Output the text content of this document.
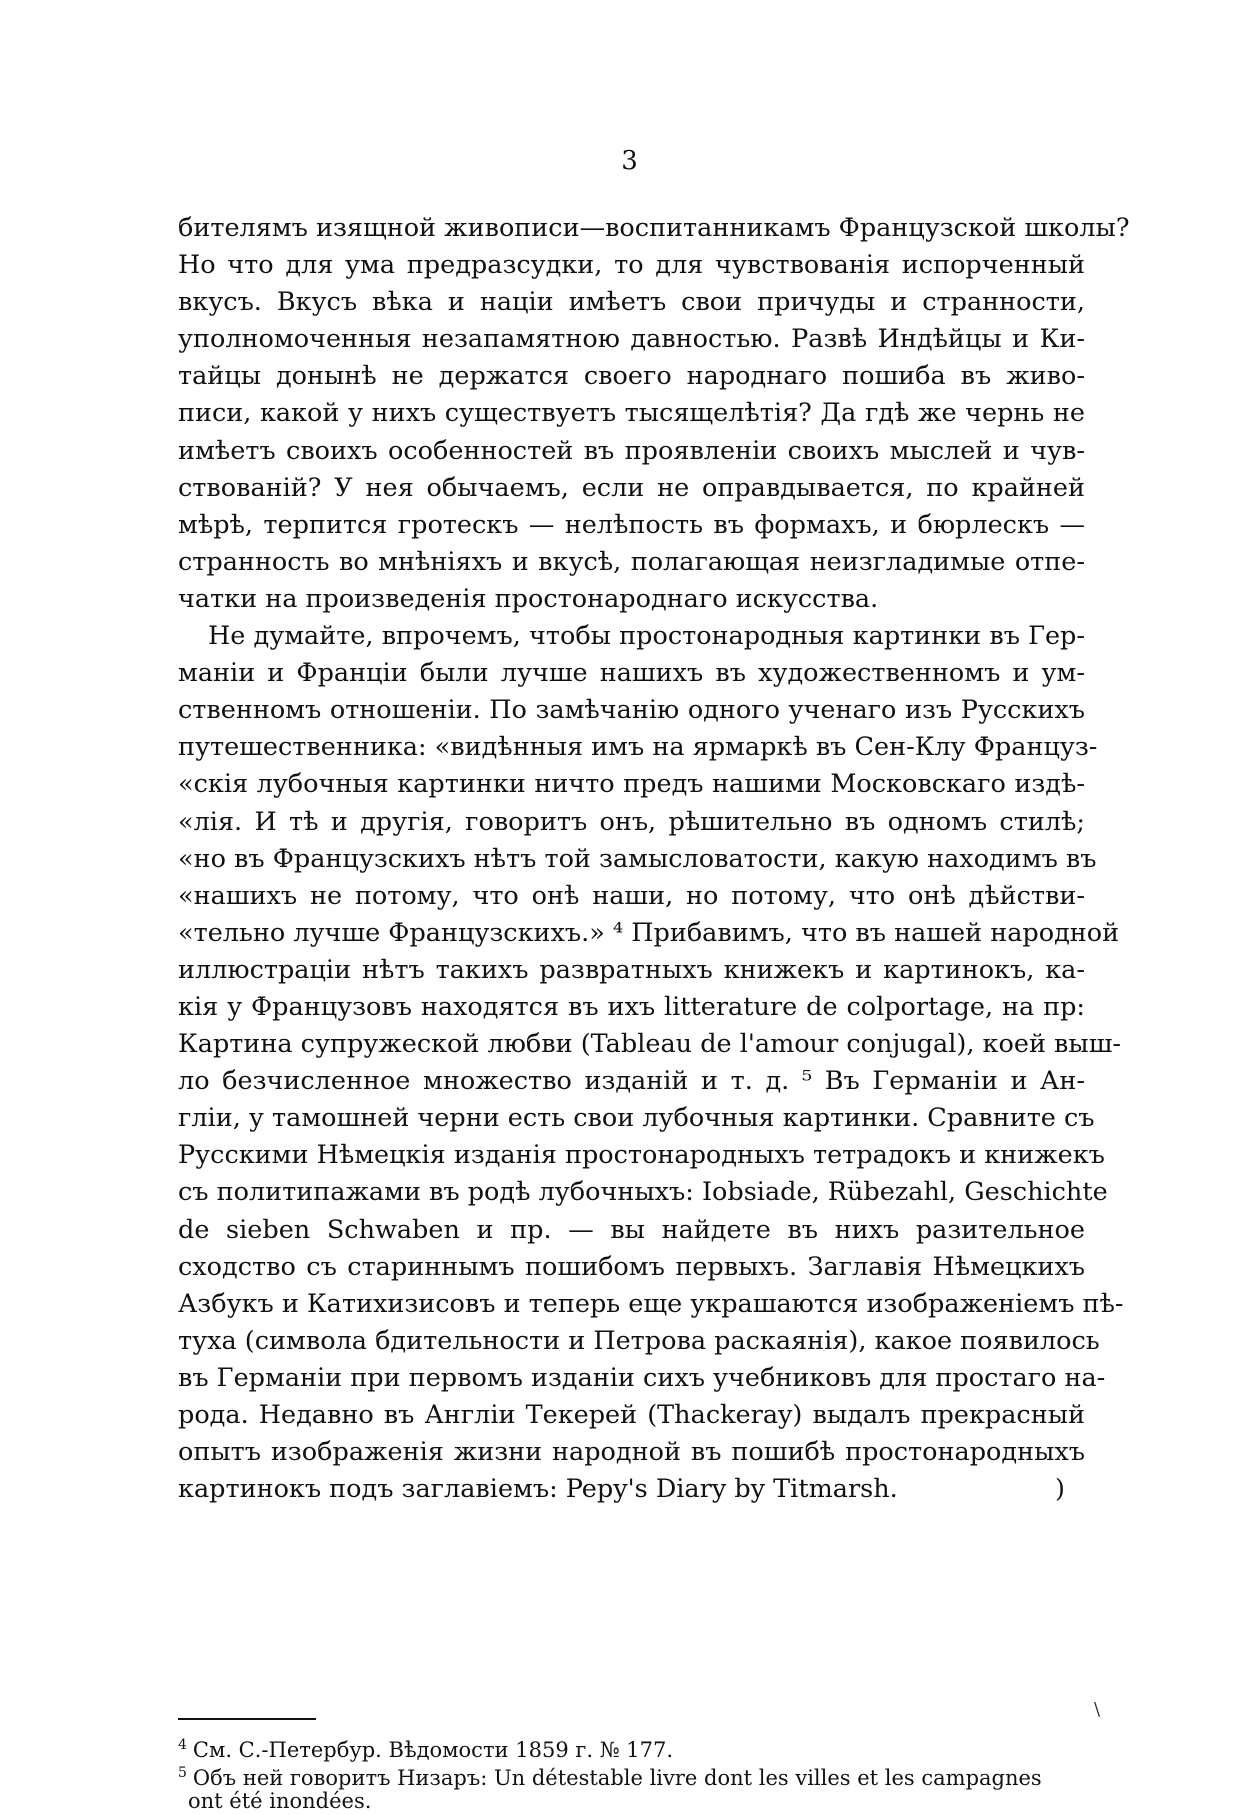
3
бителямъ изящной живописи—воспитанникамъ Французской школы?
Но что для ума предразсудки, то для чувствованія испорченный
вкусъ. Вкусъ вѣка и націи имѣетъ свои причуды и странности,
уполномоченныя незапамятною давностью. Развѣ Индѣйцы и Ки-
тайцы донынѣ не держатся своего народнаго пошиба въ живо-
писи, какой у нихъ существуетъ тысящелѣтія? Да гдѣ же чернь не
имѣетъ своихъ особенностей въ проявленіи своихъ мыслей и чув-
ствованій? У нея обычаемъ, если не оправдывается, по крайней
мѣрѣ, терпится гротескъ — нелѣпость въ формахъ, и бюрлескъ —
странность во мнѣніяхъ и вкусѣ, полагающая неизгладимые отпе-
чатки на произведенія простонароднаго искусства.
Не думайте, впрочемъ, чтобы простонародныя картинки въ Гер-
маніи и Франціи были лучше нашихъ въ художественномъ и ум-
ственномъ отношеніи. По замѣчанію одного ученаго изъ Русскихъ
путешественника: «видѣнныя имъ на ярмаркѣ въ Сен-Клу Француз-
«скія лубочныя картинки ничто предъ нашими Московскаго издѣ-
«лія. И тѣ и другія, говоритъ онъ, рѣшительно въ одномъ стилѣ;
«но въ Французскихъ нѣтъ той замысловатости, какую находимъ въ
«нашихъ не потому, что онѣ наши, но потому, что онѣ дѣйстви-
«тельно лучше Французскихъ.» ⁴ Прибавимъ, что въ нашей народной
иллюстраціи нѣтъ такихъ развратныхъ книжекъ и картинокъ, ка-
кія у Французовъ находятся въ ихъ litterature de colportage, на пр:
Картина супружеской любви (Tableau de l'amour conjugal), коей выш-
ло безчисленное множество изданій и т. д. ⁵ Въ Германіи и Ан-
гліи, у тамошней черни есть свои лубочныя картинки. Сравните съ
Русскими Нѣмецкія изданія простонародныхъ тетрадокъ и книжекъ
съ политипажами въ родѣ лубочныхъ: Iobsiade, Rübezahl, Geschichte
de sieben Schwaben и пр. — вы найдете въ нихъ разительное
сходство съ стариннымъ пошибомъ первыхъ. Заглавія Нѣмецкихъ
Азбукъ и Катихизисовъ и теперь еще украшаются изображеніемъ пѣ-
туха (символа бдительности и Петрова раскаянія), какое появилось
въ Германіи при первомъ изданіи сихъ учебниковъ для простаго на-
рода. Недавно въ Англіи Текерей (Thackeray) выдалъ прекрасный
опытъ изображенія жизни народной въ пошибѣ простонародныхъ
картинокъ подъ заглавіемъ: Pepy's Diary by Titmarsh.	)
\
$^4$ См. С.-Петербур. Вѣдомости 1859 г. № 177.
$^5$ Объ ней говоритъ Низаръ: Un détestable livre dont les villes et les campagnes
ont été inondées.
